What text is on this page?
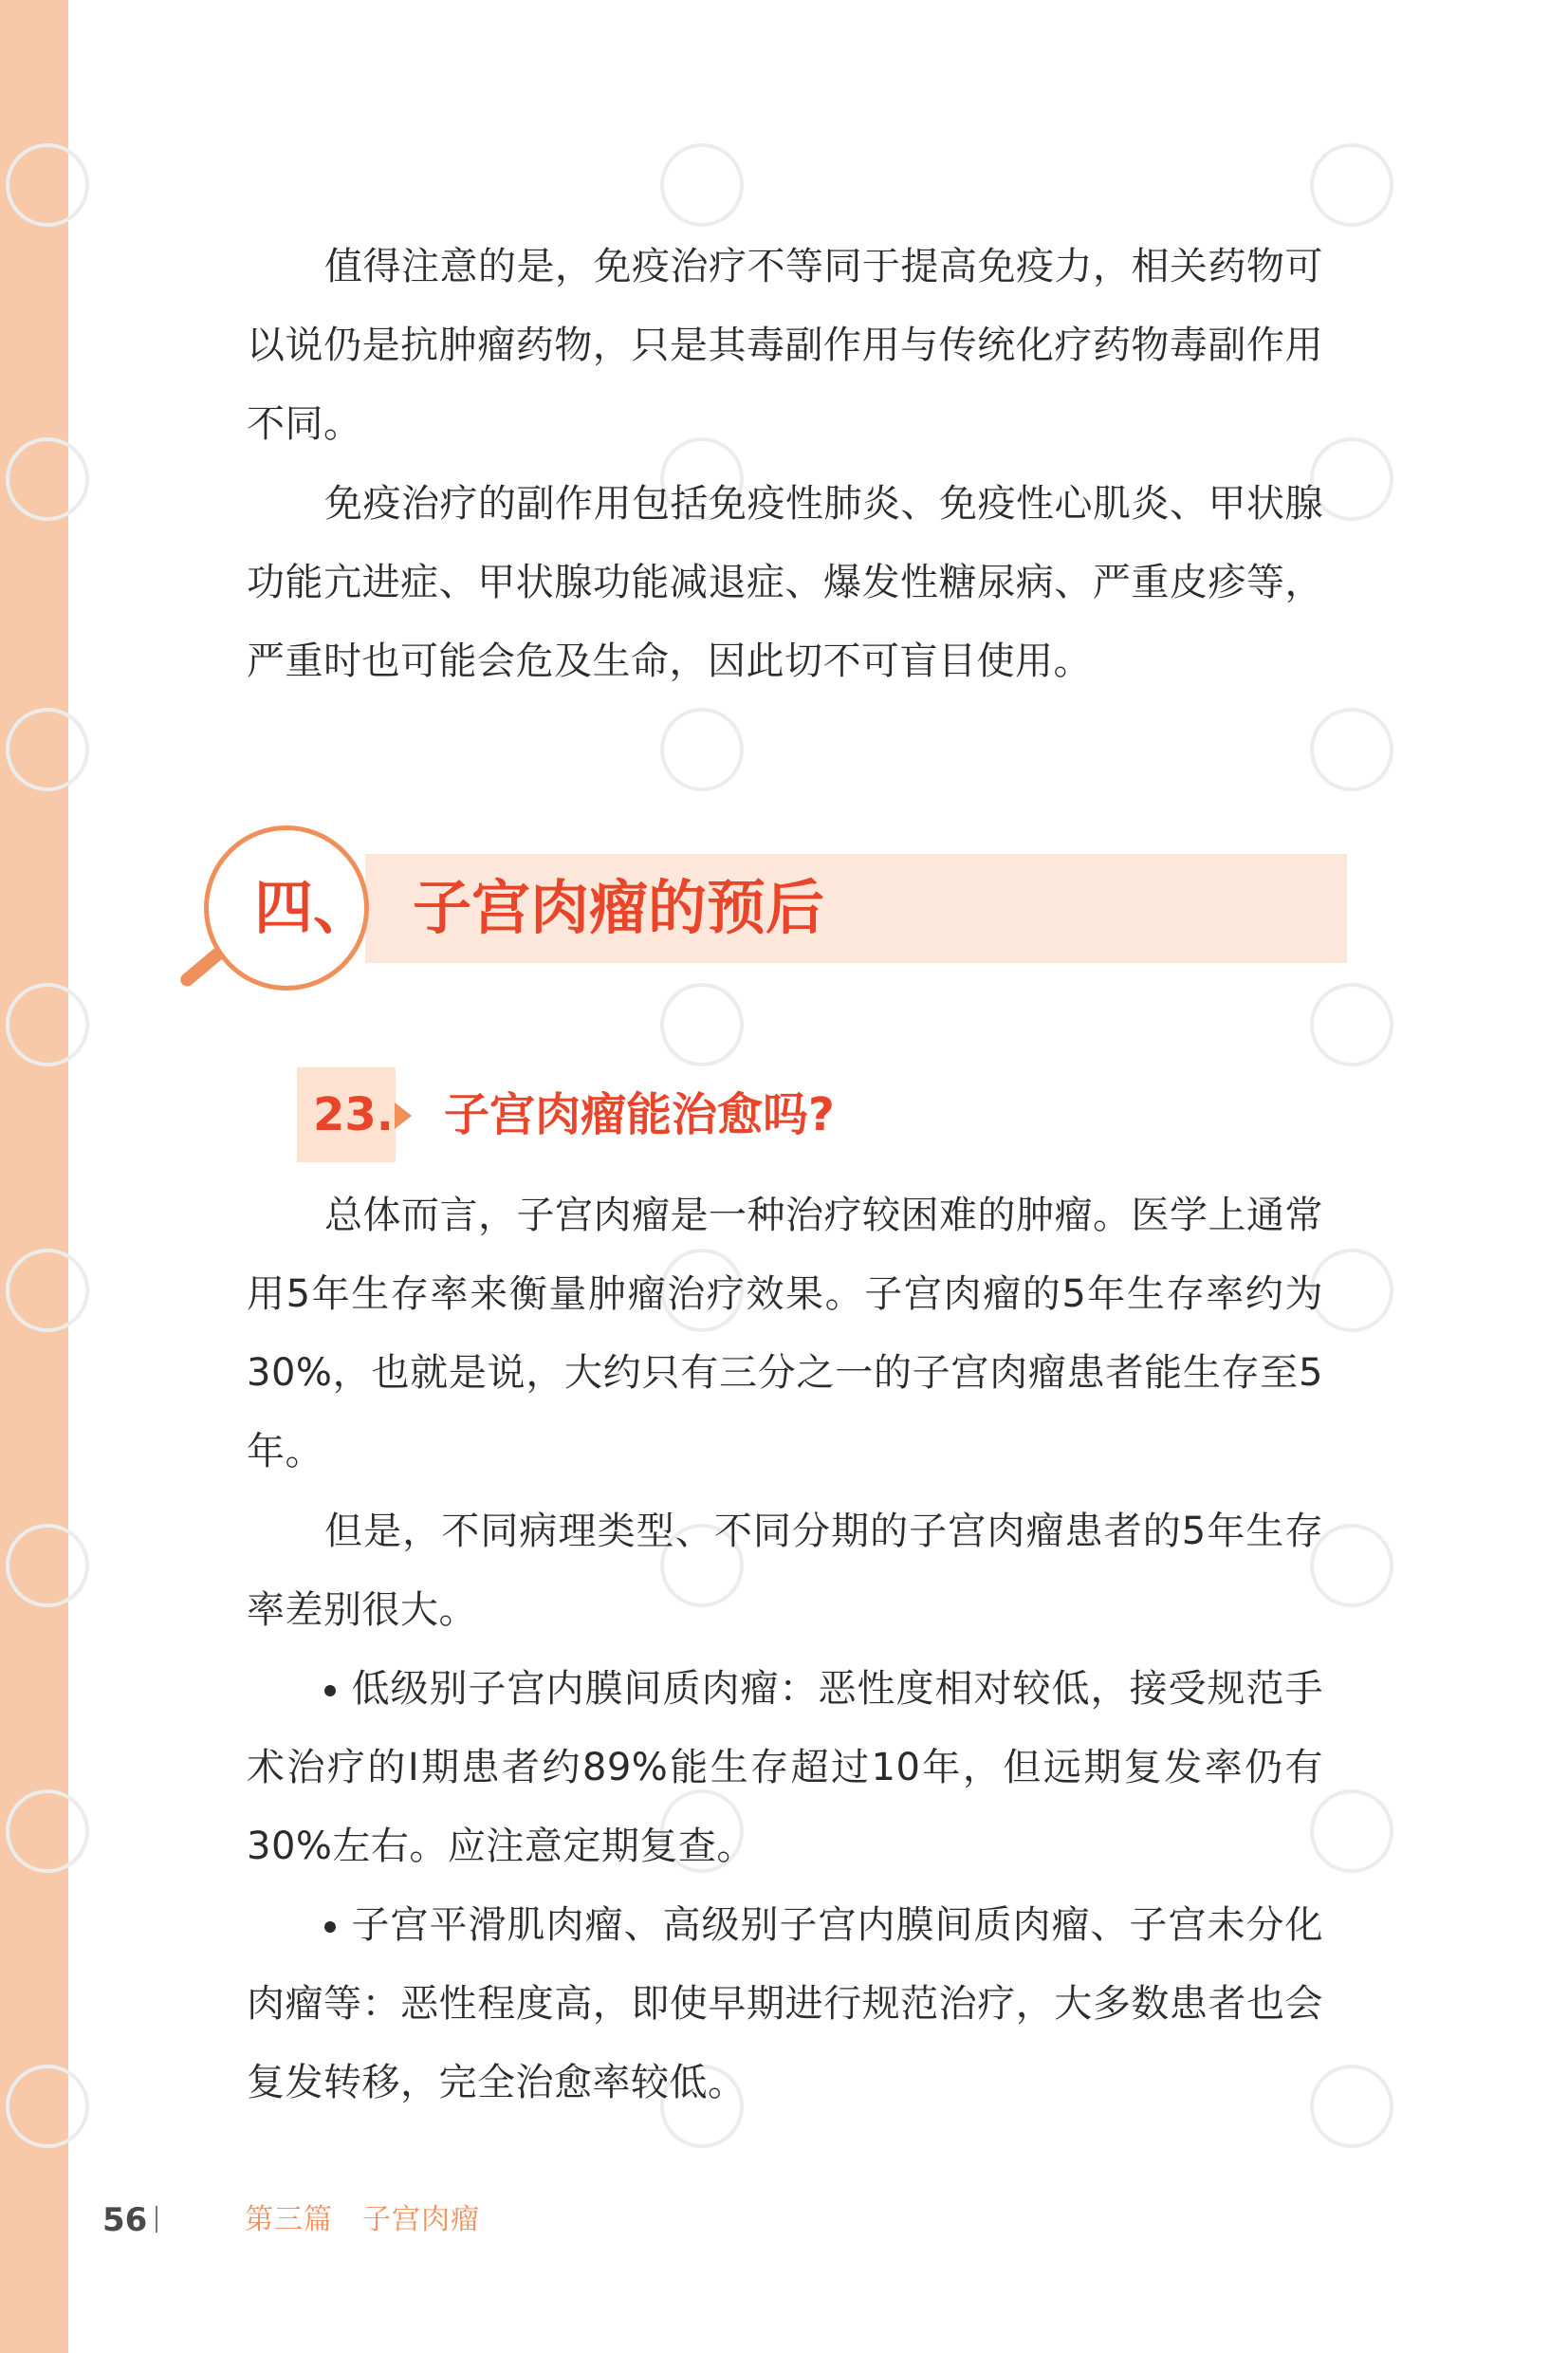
值得注意的是，免疫治疗不等同于提高免疫力，相关药物可以说仍是抗肿瘤药物，只是其毒副作用与传统化疗药物毒副作用不同。

免疫治疗的副作用包括免疫性肺炎、免疫性心肌炎、甲状腺功能亢进症、甲状腺功能减退症、爆发性糖尿病、严重皮疹等，严重时也可能会危及生命，因此切不可盲目使用。

四、 子宫肉瘤的预后
23. 子宫肉瘤能治愈吗?

总体而言，子宫肉瘤是一种治疗较困难的肿瘤。医学上通常用5年生存率来衡量肿瘤治疗效果。子宫肉瘤的5年生存率约为30%，也就是说，大约只有三分之一的子宫肉瘤患者能生存至5年。

但是，不同病理类型、不同分期的子宫肉瘤患者的5年生存率差别很大。

低级别子宫内膜间质肉瘤：恶性度相对较低，接受规范手术治疗的I期患者约89%能生存超过10年，但远期复发率仍有30%左右。应注意定期复查。

子宫平滑肌肉瘤、高级别子宫内膜间质肉瘤、子宫未分化肉瘤等：恶性程度高，即使早期进行规范治疗，大多数患者也会复发转移，完全治愈率较低。

56	第三篇　子宫肉瘤
